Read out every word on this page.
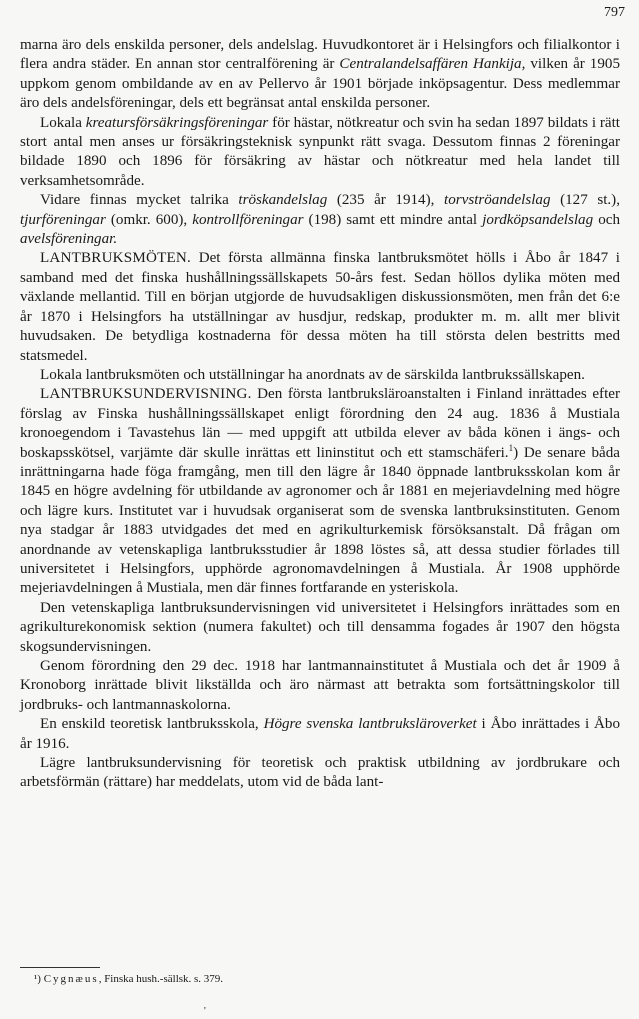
797

marna äro dels enskilda personer, dels andelslag. Huvudkontoret är i Helsingfors och filialkontor i flera andra städer. En annan stor centralförening är Centralandelsaffären Hankija, vilken år 1905 uppkom genom ombildande av en av Pellervo år 1901 började inköpsagentur. Dess medlemmar äro dels andelsföreningar, dels ett begränsat antal enskilda personer.

Lokala kreatursförsäkringsföreningar för hästar, nötkreatur och svin ha sedan 1897 bildats i rätt stort antal men anses ur försäkringsteknisk synpunkt rätt svaga. Dessutom finnas 2 föreningar bildade 1890 och 1896 för försäkring av hästar och nötkreatur med hela landet till verksamhetsområde.

Vidare finnas mycket talrika tröskandelslag (235 år 1914), torvströandelslag (127 st.), tjurföreningar (omkr. 600), kontrollföreningar (198) samt ett mindre antal jordköpsandelslag och avelsföreningar.

LANTBRUKSMÖTEN. Det första allmänna finska lantbruksmötet hölls i Åbo år 1847 i samband med det finska hushållningssällskapets 50-års fest. Sedan höllos dylika möten med växlande mellantid. Till en början utgjorde de huvudsakligen diskussionsmöten, men från det 6:e år 1870 i Helsingfors ha utställningar av husdjur, redskap, produkter m. m. allt mer blivit huvudsaken. De betydliga kostnaderna för dessa möten ha till största delen bestritts med statsmedel.

Lokala lantbruksmöten och utställningar ha anordnats av de särskilda lantbrukssällskapen.

LANTBRUKSUNDERVISNING. Den första lantbruksläroanstalten i Finland inrättades efter förslag av Finska hushållningssällskapet enligt förordning den 24 aug. 1836 å Mustiala kronoegendom i Tavastehus län — med uppgift att utbilda elever av båda könen i ängs- och boskapsskötsel, varjämte där skulle inrättas ett lininstitut och ett stamschäferi.$^1$) De senare båda inrättningarna hade föga framgång, men till den lägre år 1840 öppnade lantbruksskolan kom år 1845 en högre avdelning för utbildande av agronomer och år 1881 en mejeriavdelning med högre och lägre kurs. Institutet var i huvudsak organiserat som de svenska lantbruksinstituten. Genom nya stadgar år 1883 utvidgades det med en agrikulturkemisk försöksanstalt. Då frågan om anordnande av vetenskapliga lantbruksstudier år 1898 löstes så, att dessa studier förlades till universitetet i Helsingfors, upphörde agronomavdelningen å Mustiala. År 1908 upphörde mejeriavdelningen å Mustiala, men där finnes fortfarande en ysteriskola.

Den vetenskapliga lantbruksundervisningen vid universitetet i Helsingfors inrättades som en agrikulturekonomisk sektion (numera fakultet) och till densamma fogades år 1907 den högsta skogsundervisningen.

Genom förordning den 29 dec. 1918 har lantmannainstitutet å Mustiala och det år 1909 å Kronoborg inrättade blivit likställda och äro närmast att betrakta som fortsättningskolor till jordbruks- och lantmannaskolorna.

En enskild teoretisk lantbruksskola, Högre svenska lantbruksläroverket i Åbo inrättades i Åbo år 1916.

Lägre lantbruksundervisning för teoretisk och praktisk utbildning av jordbrukare och arbetsförmän (rättare) har meddelats, utom vid de båda lant-

¹) Cygnæus, Finska hush.-sällsk. s. 379.
'
